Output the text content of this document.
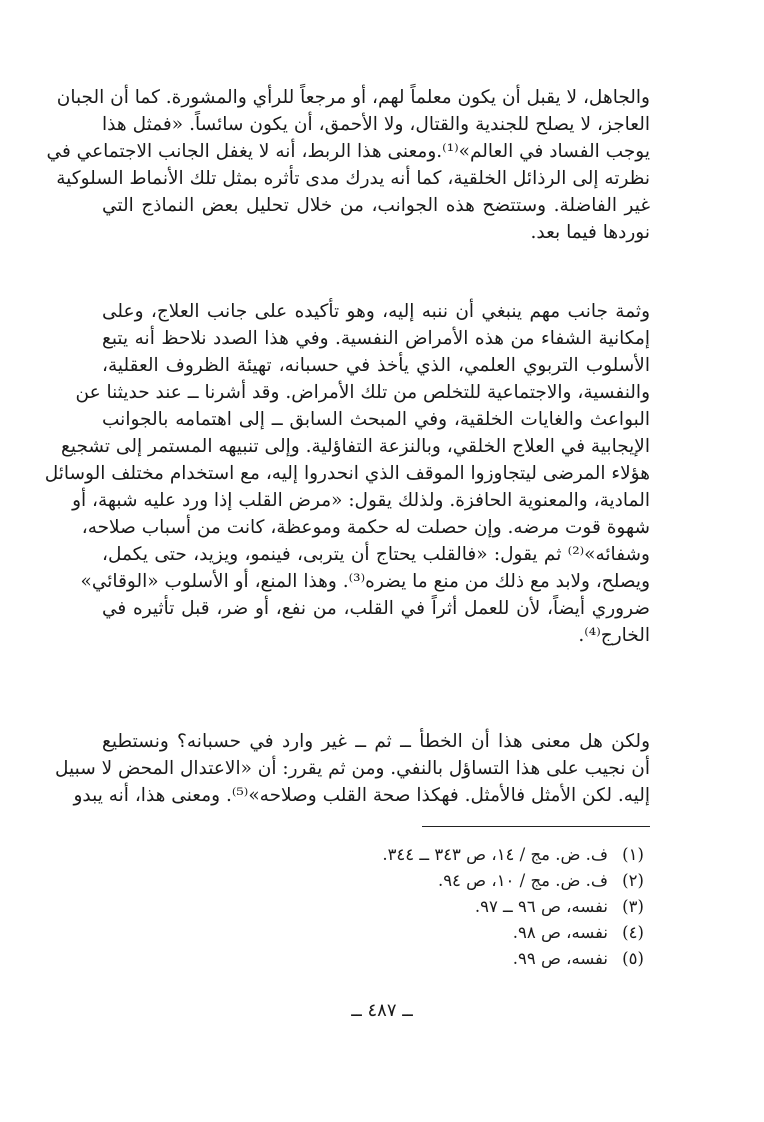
والجاهل، لا يقبل أن يكون معلماً لهم، أو مرجعاً للرأي والمشورة. كما أن الجبان
العاجز، لا يصلح للجندية والقتال، ولا الأحمق، أن يكون سائساً. «فمثل هذا
يوجب الفساد في العالم»⁽¹⁾.ومعنى هذا الربط، أنه لا يغفل الجانب الاجتماعي في
نظرته إلى الرذائل الخلقية، كما أنه يدرك مدى تأثره بمثل تلك الأنماط السلوكية
غير الفاضلة. وستتضح هذه الجوانب، من خلال تحليل بعض النماذج التي
نوردها فيما بعد.
وثمة جانب مهم ينبغي أن ننبه إليه، وهو تأكيده على جانب العلاج، وعلى
إمكانية الشفاء من هذه الأمراض النفسية. وفي هذا الصدد نلاحظ أنه يتبع
الأسلوب التربوي العلمي، الذي يأخذ في حسبانه، تهيئة الظروف العقلية،
والنفسية، والاجتماعية للتخلص من تلك الأمراض. وقد أشرنا ــ عند حديثنا عن
البواعث والغايات الخلقية، وفي المبحث السابق ــ إلى اهتمامه بالجوانب
الإيجابية في العلاج الخلقي، وبالنزعة التفاؤلية. وإلى تنبيهه المستمر إلى تشجيع
هؤلاء المرضى ليتجاوزوا الموقف الذي انحدروا إليه، مع استخدام مختلف الوسائل
المادية، والمعنوية الحافزة. ولذلك يقول: «مرض القلب إذا ورد عليه شبهة، أو
شهوة قوت مرضه. وإن حصلت له حكمة وموعظة، كانت من أسباب صلاحه،
وشفائه»⁽²⁾ ثم يقول: «فالقلب يحتاج أن يتربى، فينمو، ويزيد، حتى يكمل،
ويصلح، ولابد مع ذلك من منع ما يضره⁽³⁾. وهذا المنع، أو الأسلوب «الوقائي»
ضروري أيضاً، لأن للعمل أثراً في القلب، من نفع، أو ضر، قبل تأثيره في
الخارج⁽⁴⁾.
ولكن هل معنى هذا أن الخطأ ــ ثم ــ غير وارد في حسبانه؟ ونستطيع
أن نجيب على هذا التساؤل بالنفي. ومن ثم يقرر: أن «الاعتدال المحض لا سبيل
إليه. لكن الأمثل فالأمثل. فهكذا صحة القلب وصلاحه»⁽⁵⁾. ومعنى هذا، أنه يبدو
(١)
ف. ض. مج / ١٤، ص ٣٤٣ ــ ٣٤٤.
(٢)
ف. ض. مج / ١٠، ص ٩٤.
(٣)
نفسه، ص ٩٦ ــ ٩٧.
(٤)
نفسه، ص ٩٨.
(٥)
نفسه، ص ٩٩.
ــ ٤٨٧ ــ
